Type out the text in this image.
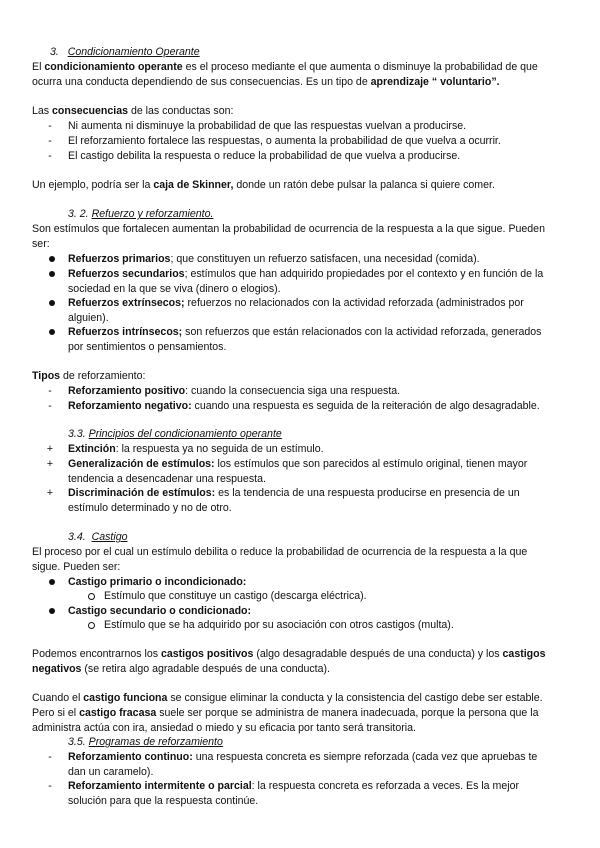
3. Condicionamiento Operante
El condicionamiento operante es el proceso mediante el que aumenta o disminuye la probabilidad de que
ocurra una conducta dependiendo de sus consecuencias. Es un tipo de aprendizaje “ voluntario”.
Las consecuencias de las conductas son:
-	Ni aumenta ni disminuye la probabilidad de que las respuestas vuelvan a producirse.
-	El reforzamiento fortalece las respuestas, o aumenta la probabilidad de que vuelva a ocurrir.
-	El castigo debilita la respuesta o reduce la probabilidad de que vuelva a producirse.
Un ejemplo, podría ser la caja de Skinner, donde un ratón debe pulsar la palanca si quiere comer.
3. 2. Refuerzo y reforzamiento.
Son estímulos que fortalecen aumentan la probabilidad de ocurrencia de la respuesta a la que sigue. Pueden
ser:
Refuerzos primarios; que constituyen un refuerzo satisfacen, una necesidad (comida).
Refuerzos secundarios; estímulos que han adquirido propiedades por el contexto y en función de la
sociedad en la que se viva (dinero o elogios).
Refuerzos extrínsecos; refuerzos no relacionados con la actividad reforzada (administrados por
alguien).
Refuerzos intrínsecos; son refuerzos que están relacionados con la actividad reforzada, generados
por sentimientos o pensamientos.
Tipos de reforzamiento:
-	Reforzamiento positivo: cuando la consecuencia siga una respuesta.
-	Reforzamiento negativo: cuando una respuesta es seguida de la reiteración de algo desagradable.
3.3. Principios del condicionamiento operante
+ Extinción: la respuesta ya no seguida de un estímulo.
+ Generalización de estímulos: los estímulos que son parecidos al estímulo original, tienen mayor
tendencia a desencadenar una respuesta.
+ Discriminación de estímulos: es la tendencia de una respuesta producirse en presencia de un
estímulo determinado y no de otro.
3.4. Castigo
El proceso por el cual un estímulo debilita o reduce la probabilidad de ocurrencia de la respuesta a la que
sigue. Pueden ser:
Castigo primario o incondicionado:
Estímulo que constituye un castigo (descarga eléctrica).
Castigo secundario o condicionado:
Estímulo que se ha adquirido por su asociación con otros castigos (multa).
Podemos encontrarnos los castigos positivos (algo desagradable después de una conducta) y los castigos
negativos (se retira algo agradable después de una conducta).
Cuando el castigo funciona se consigue eliminar la conducta y la consistencia del castigo debe ser estable.
Pero si el castigo fracasa suele ser porque se administra de manera inadecuada, porque la persona que la
administra actúa con ira, ansiedad o miedo y su eficacia por tanto será transitoria.
3.5. Programas de reforzamiento
-	Reforzamiento continuo: una respuesta concreta es siempre reforzada (cada vez que apruebas te
dan un caramelo).
-	Reforzamiento intermitente o parcial: la respuesta concreta es reforzada a veces. Es la mejor
solución para que la respuesta continúe.
